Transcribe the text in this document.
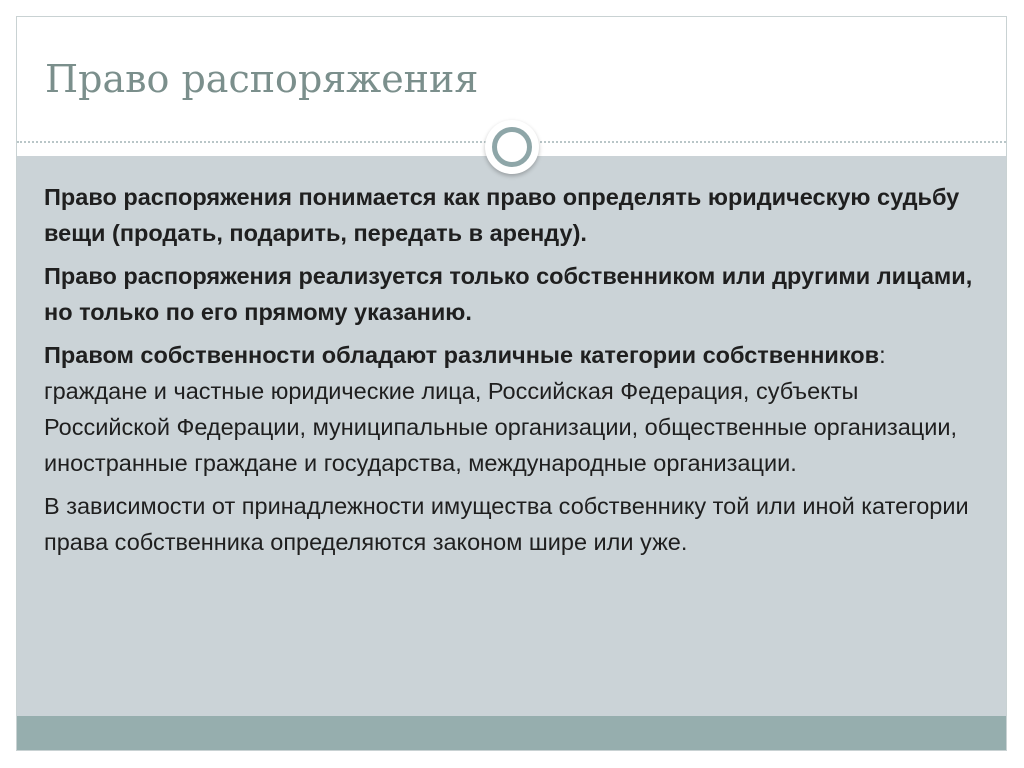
Право распоряжения

Право распоряжения понимается как право определять юридическую судьбу вещи (продать, подарить, передать в аренду).

Право распоряжения реализуется только собственником или другими лицами, но только по его прямому указанию.

Правом собственности обладают различные категории собственников: граждане и частные юридические лица, Российская Федерация, субъекты Российской Федерации, муниципальные организации, общественные организации, иностранные граждане и государства, международные организации.

В зависимости от принадлежности имущества собственнику той или иной категории права собственника определяются законом шире или уже.
